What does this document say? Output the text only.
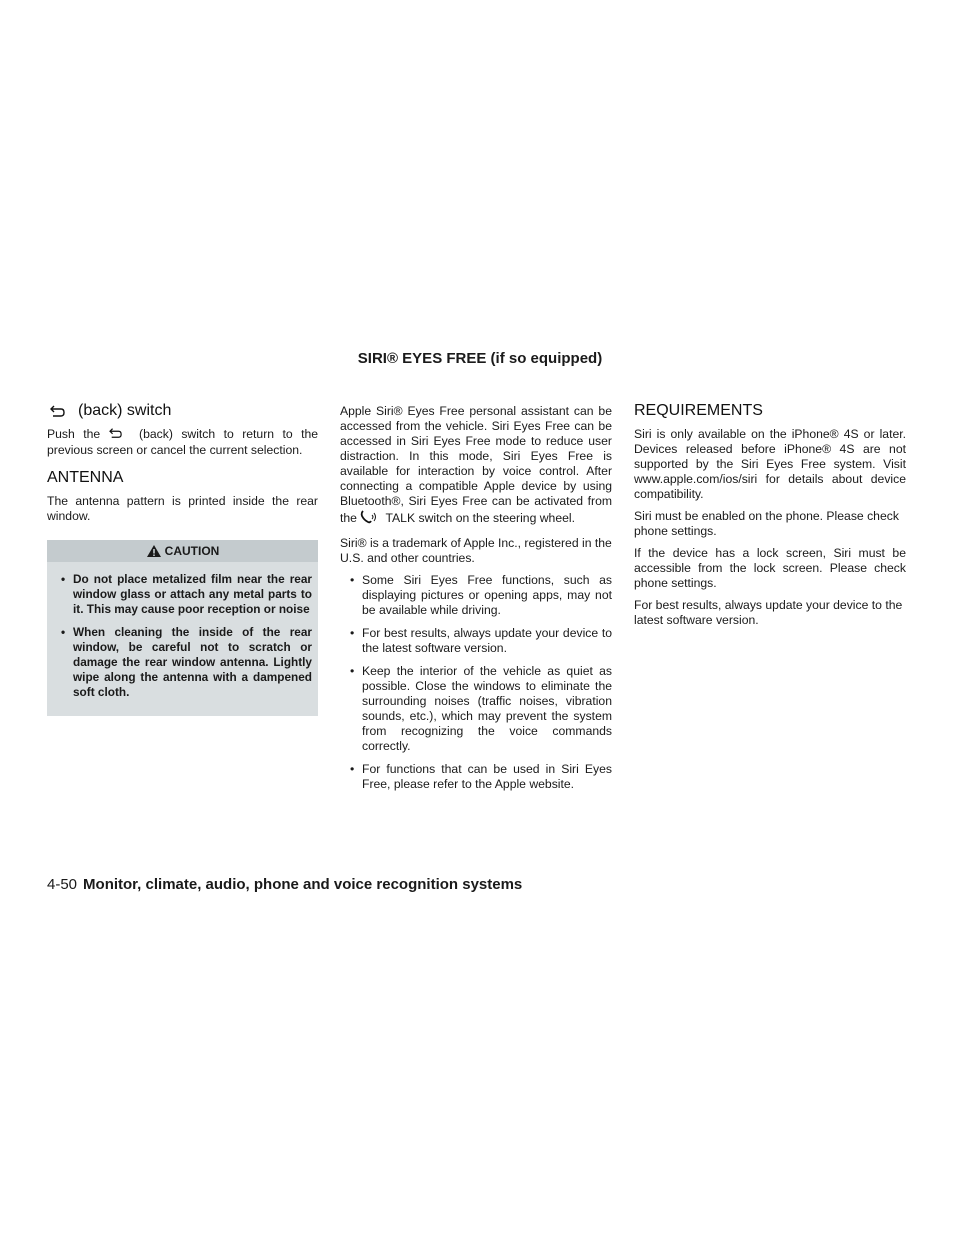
SIRI® EYES FREE (if so equipped)
(back) switch

Push the	(back) switch to return to the previous screen or cancel the current selection.

ANTENNA

The antenna pattern is printed inside the rear window.

CAUTION
• Do not place metalized film near the rear window glass or attach any metal parts to it. This may cause poor reception or noise
• When cleaning the inside of the rear window, be careful not to scratch or damage the rear window antenna. Lightly wipe along the antenna with a dampened soft cloth.

Apple Siri® Eyes Free personal assistant can be accessed from the vehicle. Siri Eyes Free can be accessed in Siri Eyes Free mode to reduce user distraction. In this mode, Siri Eyes Free is available for interaction by voice control. After connecting a compatible Apple device by using Bluetooth®, Siri Eyes Free can be activated from the TALK switch on the steering wheel.

Siri® is a trademark of Apple Inc., registered in the U.S. and other countries.

• Some Siri Eyes Free functions, such as displaying pictures or opening apps, may not be available while driving.
• For best results, always update your device to the latest software version.
• Keep the interior of the vehicle as quiet as possible. Close the windows to eliminate the surrounding noises (traffic noises, vibration sounds, etc.), which may prevent the system from recognizing the voice commands correctly.
• For functions that can be used in Siri Eyes Free, please refer to the Apple website.
REQUIREMENTS

Siri is only available on the iPhone® 4S or later. Devices released before iPhone® 4S are not supported by the Siri Eyes Free system. Visit www.apple.com/ios/siri for details about device compatibility.

Siri must be enabled on the phone. Please check phone settings.

If the device has a lock screen, Siri must be accessible from the lock screen. Please check phone settings.

For best results, always update your device to the latest software version.

4-50 Monitor, climate, audio, phone and voice recognition systems
